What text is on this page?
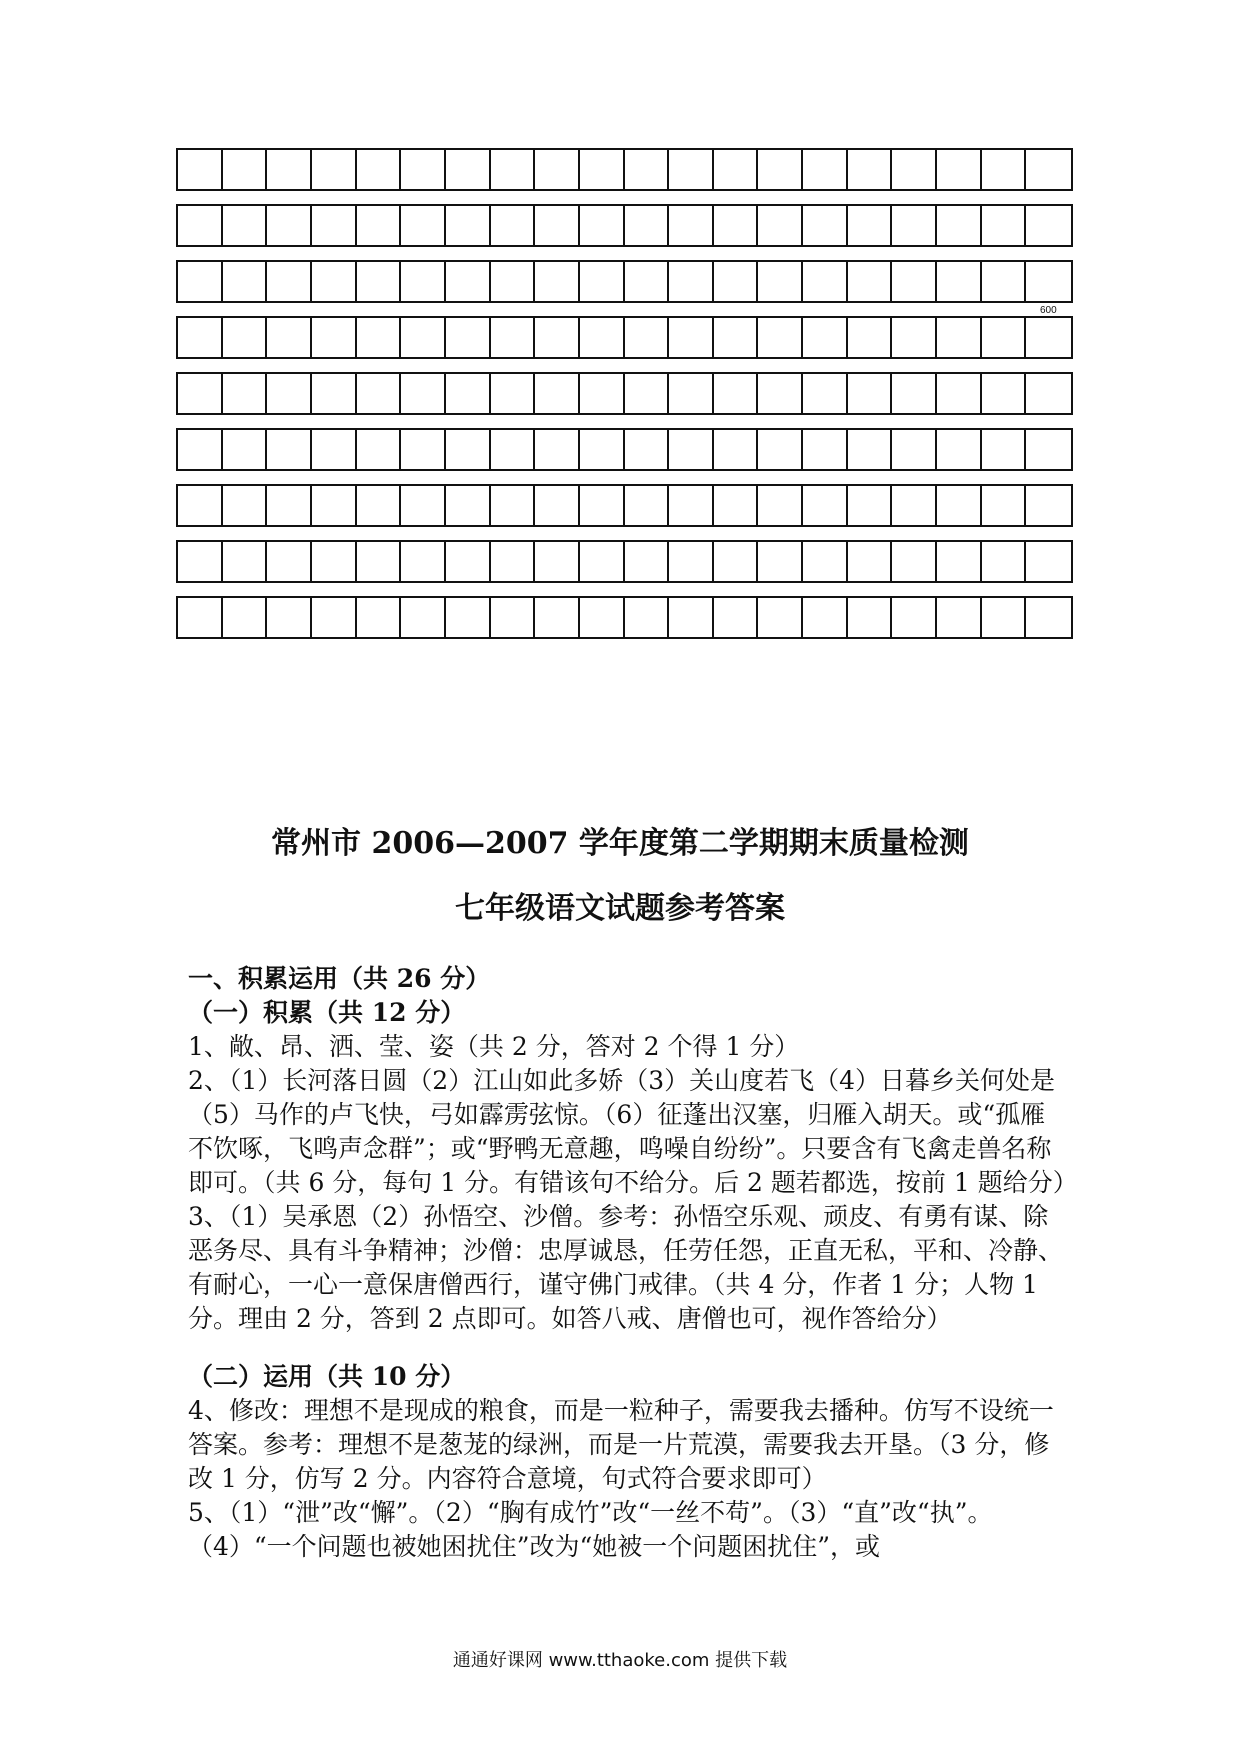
600
常州市 2006—2007 学年度第二学期期末质量检测
七年级语文试题参考答案

一、积累运用（共 26 分）

（一）积累（共 12 分）

1、敞、昂、洒、莹、姿（共 2 分，答对 2 个得 1 分）

2、（1）长河落日圆（2）江山如此多娇（3）关山度若飞（4）日暮乡关何处是（5）马作的卢飞快，弓如霹雳弦惊。（6）征蓬出汉塞，归雁入胡天。或“孤雁不饮啄，飞鸣声念群”；或“野鸭无意趣，鸣噪自纷纷”。只要含有飞禽走兽名称即可。（共 6 分，每句 1 分。有错该句不给分。后 2 题若都选，按前 1 题给分）

3、（1）吴承恩（2）孙悟空、沙僧。参考：孙悟空乐观、顽皮、有勇有谋、除恶务尽、具有斗争精神；沙僧：忠厚诚恳，任劳任怨，正直无私，平和、冷静、有耐心，一心一意保唐僧西行，谨守佛门戒律。（共 4 分，作者 1 分；人物 1 分。理由 2 分，答到 2 点即可。如答八戒、唐僧也可，视作答给分）

（二）运用（共 10 分）

4、修改：理想不是现成的粮食，而是一粒种子，需要我去播种。仿写不设统一答案。参考：理想不是葱茏的绿洲，而是一片荒漠，需要我去开垦。（3 分，修改 1 分，仿写 2 分。内容符合意境，句式符合要求即可）

5、（1）“泄”改“懈”。（2）“胸有成竹”改“一丝不苟”。（3）“直”改“执”。（4）“一个问题也被她困扰住”改为“她被一个问题困扰住”，或

通通好课网 www.tthaoke.com 提供下载
